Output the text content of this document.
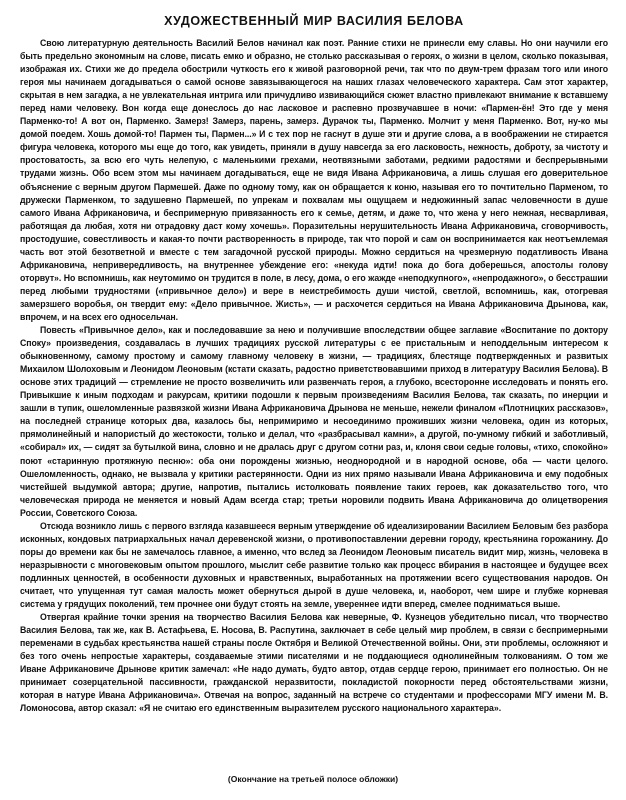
ХУДОЖЕСТВЕННЫЙ МИР ВАСИЛИЯ БЕЛОВА

Свою литературную деятельность Василий Белов начинал как поэт. Ранние стихи не принесли ему славы. Но они научили его быть предельно экономным на слове, писать емко и образно, не столько рассказывая о героях, о жизни в целом, сколько показывая, изображая их. Стихи же до предела обострили чуткость его к живой разговорной речи, так что по двум-трем фразам того или иного героя мы начинаем догадываться о самой основе завязывающегося на наших глазах человеческого характера. Сам этот характер, скрытая в нем загадка, а не увлекательная интрига или причудливо извивающийся сюжет властно привлекают внимание к вставшему перед нами человеку. Вон когда еще донеслось до нас ласковое и распевно прозвучавшее в ночи: «Пармен-ён! Это где у меня Парменко-то! А вот он, Парменко. Замерз! Замерз, парень, замерз. Дурачок ты, Парменко. Молчит у меня Парменко. Вот, ну-ко мы домой поедем. Хошь домой-то! Пармен ты, Пармен...» И с тех пор не гаснут в душе эти и другие слова, а в воображении не стирается фигура человека, которого мы еще до того, как увидеть, приняли в душу навсегда за его ласковость, нежность, доброту, за чистоту и простоватость, за всю его чуть нелепую, с маленькими грехами, неотвязными заботами, редкими радостями и беспрерывными трудами жизнь. Обо всем этом мы начинаем догадываться, еще не видя Ивана Африкановича, а лишь слушая его доверительное объяснение с верным другом Пармешей. Даже по одному тому, как он обращается к коню, называя его то почтительно Парменом, то дружески Парменком, то задушевно Пармешей, по упрекам и похвалам мы ощущаем и недюжинный запас человечности в душе самого Ивана Африкановича, и беспримерную привязанность его к семье, детям, и даже то, что жена у него нежная, несварливая, работящая да любая, хотя ни отрадовку даст кому хочешь». Поразительны нерушительность Ивана Африкановича, сговорчивость, простодушие, совестливость и какая-то почти растворенность в природе, так что порой и сам он воспринимается как неотъемлемая часть вот этой безответной и вместе с тем загадочной русской природы. Можно сердиться на чрезмерную податливость Ивана Африкановича, непривередливость, на внутреннее убеждение его: «некуда идти! пока до бога доберешься, апостолы голову оторвут». Но вспомнишь, как неутомимо он трудится в поле, в лесу, дома, о его жажде «неподкупного», «непродажного», о бесстрашии перед любыми трудностями («привычное дело») и вере в неистребимость души чистой, светлой, вспомнишь, как, отогревая замерзшего воробья, он твердит ему: «Дело привычное. Жисть», — и расхочется сердиться на Ивана Африкановича Дрынова, как, впрочем, и на всех его односельчан.

Повесть «Привычное дело», как и последовавшие за нею и получившие впоследствии общее заглавие «Воспитание по доктору Споку» произведения, создавалась в лучших традициях русской литературы с ее пристальным и неподдельным интересом к обыкновенному, самому простому и самому главному человеку в жизни, — традициях, блестяще подтвержденных и развитых Михаилом Шолоховым и Леонидом Леоновым (кстати сказать, радостно приветствовавшими приход в литературу Василия Белова). В основе этих традиций — стремление не просто возвеличить или развенчать героя, а глубоко, всесторонне исследовать и понять его. Привыкшие к иным подходам и ракурсам, критики подошли к первым произведениям Василия Белова, так сказать, по инерции и зашли в тупик, ошеломленные развязкой жизни Ивана Африкановича Дрынова не меньше, нежели финалом «Плотницких рассказов», на последней странице которых два, казалось бы, непримиримо и несоединимо проживших жизни человека, один из которых, прямолинейный и напористый до жестокости, только и делал, что «разбрасывал камни», а другой, по-умному гибкий и заботливый, «собирал» их, — сидят за бутылкой вина, словно и не дралась друг с другом сотни раз, и, клоня свои седые головы, «тихо, спокойно» поют «старинную протяжную песню»: оба они порождены жизнью, неоднородной и в народной основе, оба — части целого. Ошеломленность, однако, не вызвала у критики растерянности. Одни из них прямо называли Ивана Африкановича и ему подобных чистейшей выдумкой автора; другие, напротив, пытались истолковать появление таких героев, как доказательство того, что человеческая природа не меняется и новый Адам всегда стар; третьи норовили подвить Ивана Африкановича до олицетворения России, Советского Союза.

Отсюда возникло лишь с первого взгляда казавшееся верным утверждение об идеализировании Василием Беловым без разбора исконных, кондовых патриархальных начал деревенской жизни, о противопоставлении деревни городу, крестьянина горожанину. До поры до времени как бы не замечалось главное, а именно, что вслед за Леонидом Леоновым писатель видит мир, жизнь, человека в неразрывности с многовековым опытом прошлого, мыслит себе развитие только как процесс вбирания в настоящее и будущее всех подлинных ценностей, в особенности духовных и нравственных, выработанных на протяжении всего существования народов. Он считает, что упущенная тут самая малость может обернуться дырой в душе человека, и, наоборот, чем шире и глубже корневая система у грядущих поколений, тем прочнее они будут стоять на земле, увереннее идти вперед, смелее подниматься выше.

Отвергая крайние точки зрения на творчество Василия Белова как неверные, Ф. Кузнецов убедительно писал, что творчество Василия Белова, так же, как В. Астафьева, Е. Носова, В. Распутина, заключает в себе целый мир проблем, в связи с беспримерными переменами в судьбах крестьянства нашей страны после Октября и Великой Отечественной войны. Они, эти проблемы, осложняют и без того очень непростые характеры, создаваемые этими писателями и не поддающиеся однолинейным толкованиям. О том же Иване Африкановиче Дрынове критик замечал: «Не надо думать, будто автор, отдав сердце герою, принимает его полностью. Он не принимает созерцательной пассивности, гражданской неразвитости, покладистой покорности перед обстоятельствами жизни, которая в натуре Ивана Африкановича». Отвечая на вопрос, заданный на встрече со студентами и профессорами МГУ имени М. В. Ломоносова, автор сказал: «Я не считаю его единственным выразителем русского национального характера».

(Окончание на третьей полосе обложки)
